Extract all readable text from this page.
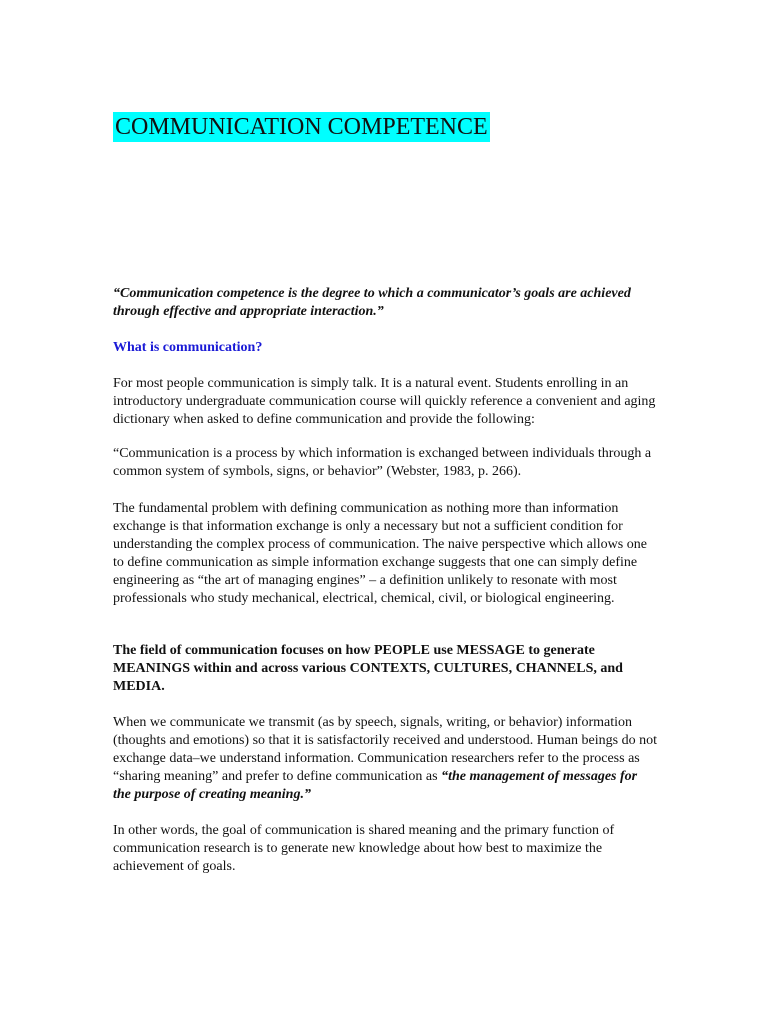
COMMUNICATION COMPETENCE

“Communication competence is the degree to which a communicator’s goals are achieved through effective and appropriate interaction.”

What is communication?

For most people communication is simply talk. It is a natural event. Students enrolling in an introductory undergraduate communication course will quickly reference a convenient and aging dictionary when asked to define communication and provide the following:

“Communication is a process by which information is exchanged between individuals through a common system of symbols, signs, or behavior” (Webster, 1983, p. 266).

The fundamental problem with defining communication as nothing more than information exchange is that information exchange is only a necessary but not a sufficient condition for understanding the complex process of communication. The naive perspective which allows one to define communication as simple information exchange suggests that one can simply define engineering as “the art of managing engines” – a definition unlikely to resonate with most professionals who study mechanical, electrical, chemical, civil, or biological engineering.

The field of communication focuses on how PEOPLE use MESSAGE to generate MEANINGS within and across various CONTEXTS, CULTURES, CHANNELS, and MEDIA.

When we communicate we transmit (as by speech, signals, writing, or behavior) information (thoughts and emotions) so that it is satisfactorily received and understood. Human beings do not exchange data–we understand information. Communication researchers refer to the process as “sharing meaning” and prefer to define communication as “the management of messages for the purpose of creating meaning.”

In other words, the goal of communication is shared meaning and the primary function of communication research is to generate new knowledge about how best to maximize the achievement of goals.
